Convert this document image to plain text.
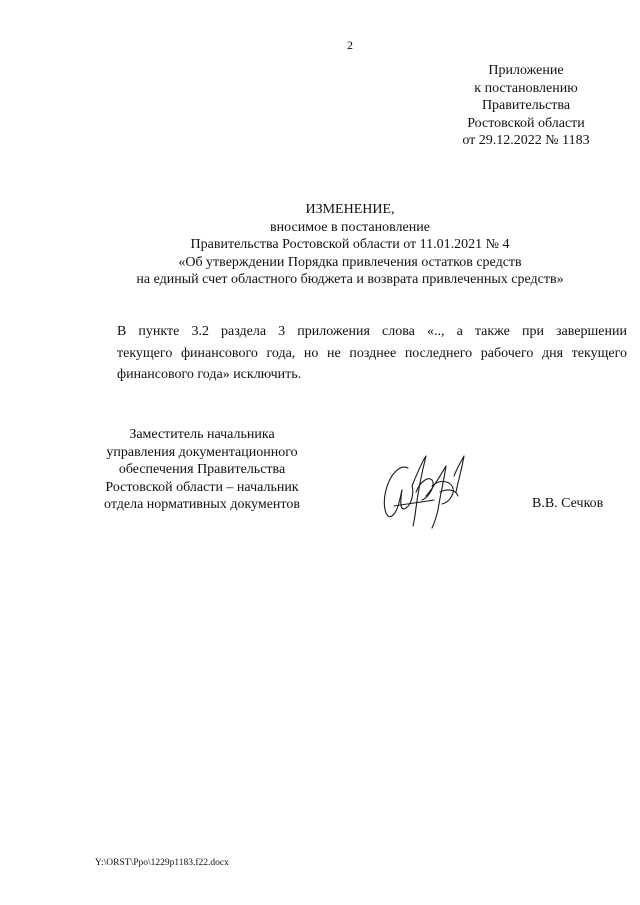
2
Приложение
к постановлению
Правительства
Ростовской области
от 29.12.2022 № 1183
ИЗМЕНЕНИЕ,
вносимое в постановление
Правительства Ростовской области от 11.01.2021 № 4
«Об утверждении Порядка привлечения остатков средств
на единый счет областного бюджета и возврата привлеченных средств»
В пункте 3.2 раздела 3 приложения слова «.., а также при завершении
текущего финансового года, но не позднее последнего рабочего дня текущего финансового года» исключить.
Заместитель начальника
управления документационного
обеспечения Правительства
Ростовской области – начальник
отдела нормативных документов	В.В. Сечков
Y:\ORST\Ppo\1229p1183.f22.docx
